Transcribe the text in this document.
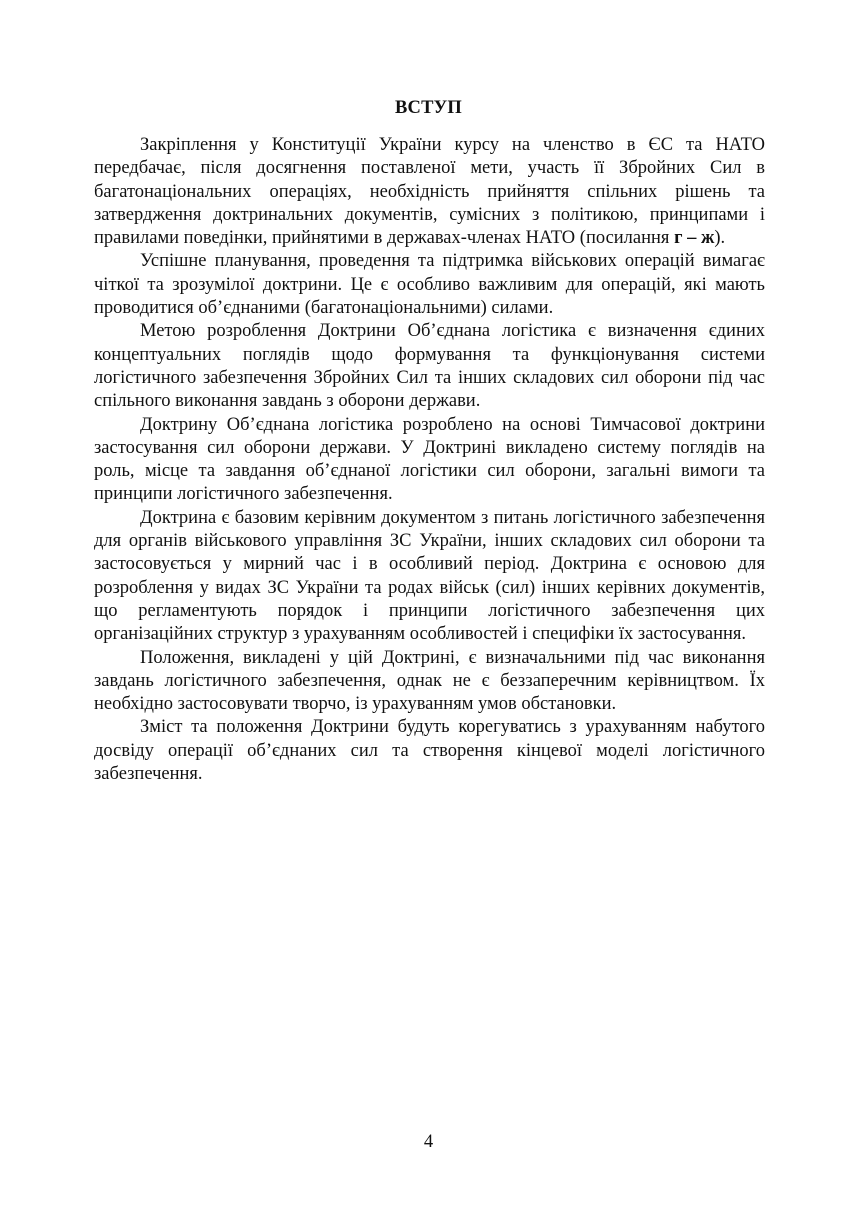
ВСТУП

Закріплення у Конституції України курсу на членство в ЄС та НАТО передбачає, після досягнення поставленої мети, участь її Збройних Сил в багатонаціональних операціях, необхідність прийняття спільних рішень та затвердження доктринальних документів, сумісних з політикою, принципами і правилами поведінки, прийнятими в державах-членах НАТО (посилання г – ж).

Успішне планування, проведення та підтримка військових операцій вимагає чіткої та зрозумілої доктрини. Це є особливо важливим для операцій, які мають проводитися об’єднаними (багатонаціональними) силами.

Метою розроблення Доктрини Об’єднана логістика є визначення єдиних концептуальних поглядів щодо формування та функціонування системи логістичного забезпечення Збройних Сил та інших складових сил оборони під час спільного виконання завдань з оборони держави.

Доктрину Об’єднана логістика розроблено на основі Тимчасової доктрини застосування сил оборони держави. У Доктрині викладено систему поглядів на роль, місце та завдання об’єднаної логістики сил оборони, загальні вимоги та принципи логістичного забезпечення.

Доктрина є базовим керівним документом з питань логістичного забезпечення для органів військового управління ЗС України, інших складових сил оборони та застосовується у мирний час і в особливий період. Доктрина є основою для розроблення у видах ЗС України та родах військ (сил) інших керівних документів, що регламентують порядок і принципи логістичного забезпечення цих організаційних структур з урахуванням особливостей і специфіки їх застосування.

Положення, викладені у цій Доктрині, є визначальними під час виконання завдань логістичного забезпечення, однак не є беззаперечним керівництвом. Їх необхідно застосовувати творчо, із урахуванням умов обстановки.

Зміст та положення Доктрини будуть корегуватись з урахуванням набутого досвіду операції об’єднаних сил та створення кінцевої моделі логістичного забезпечення.

4
